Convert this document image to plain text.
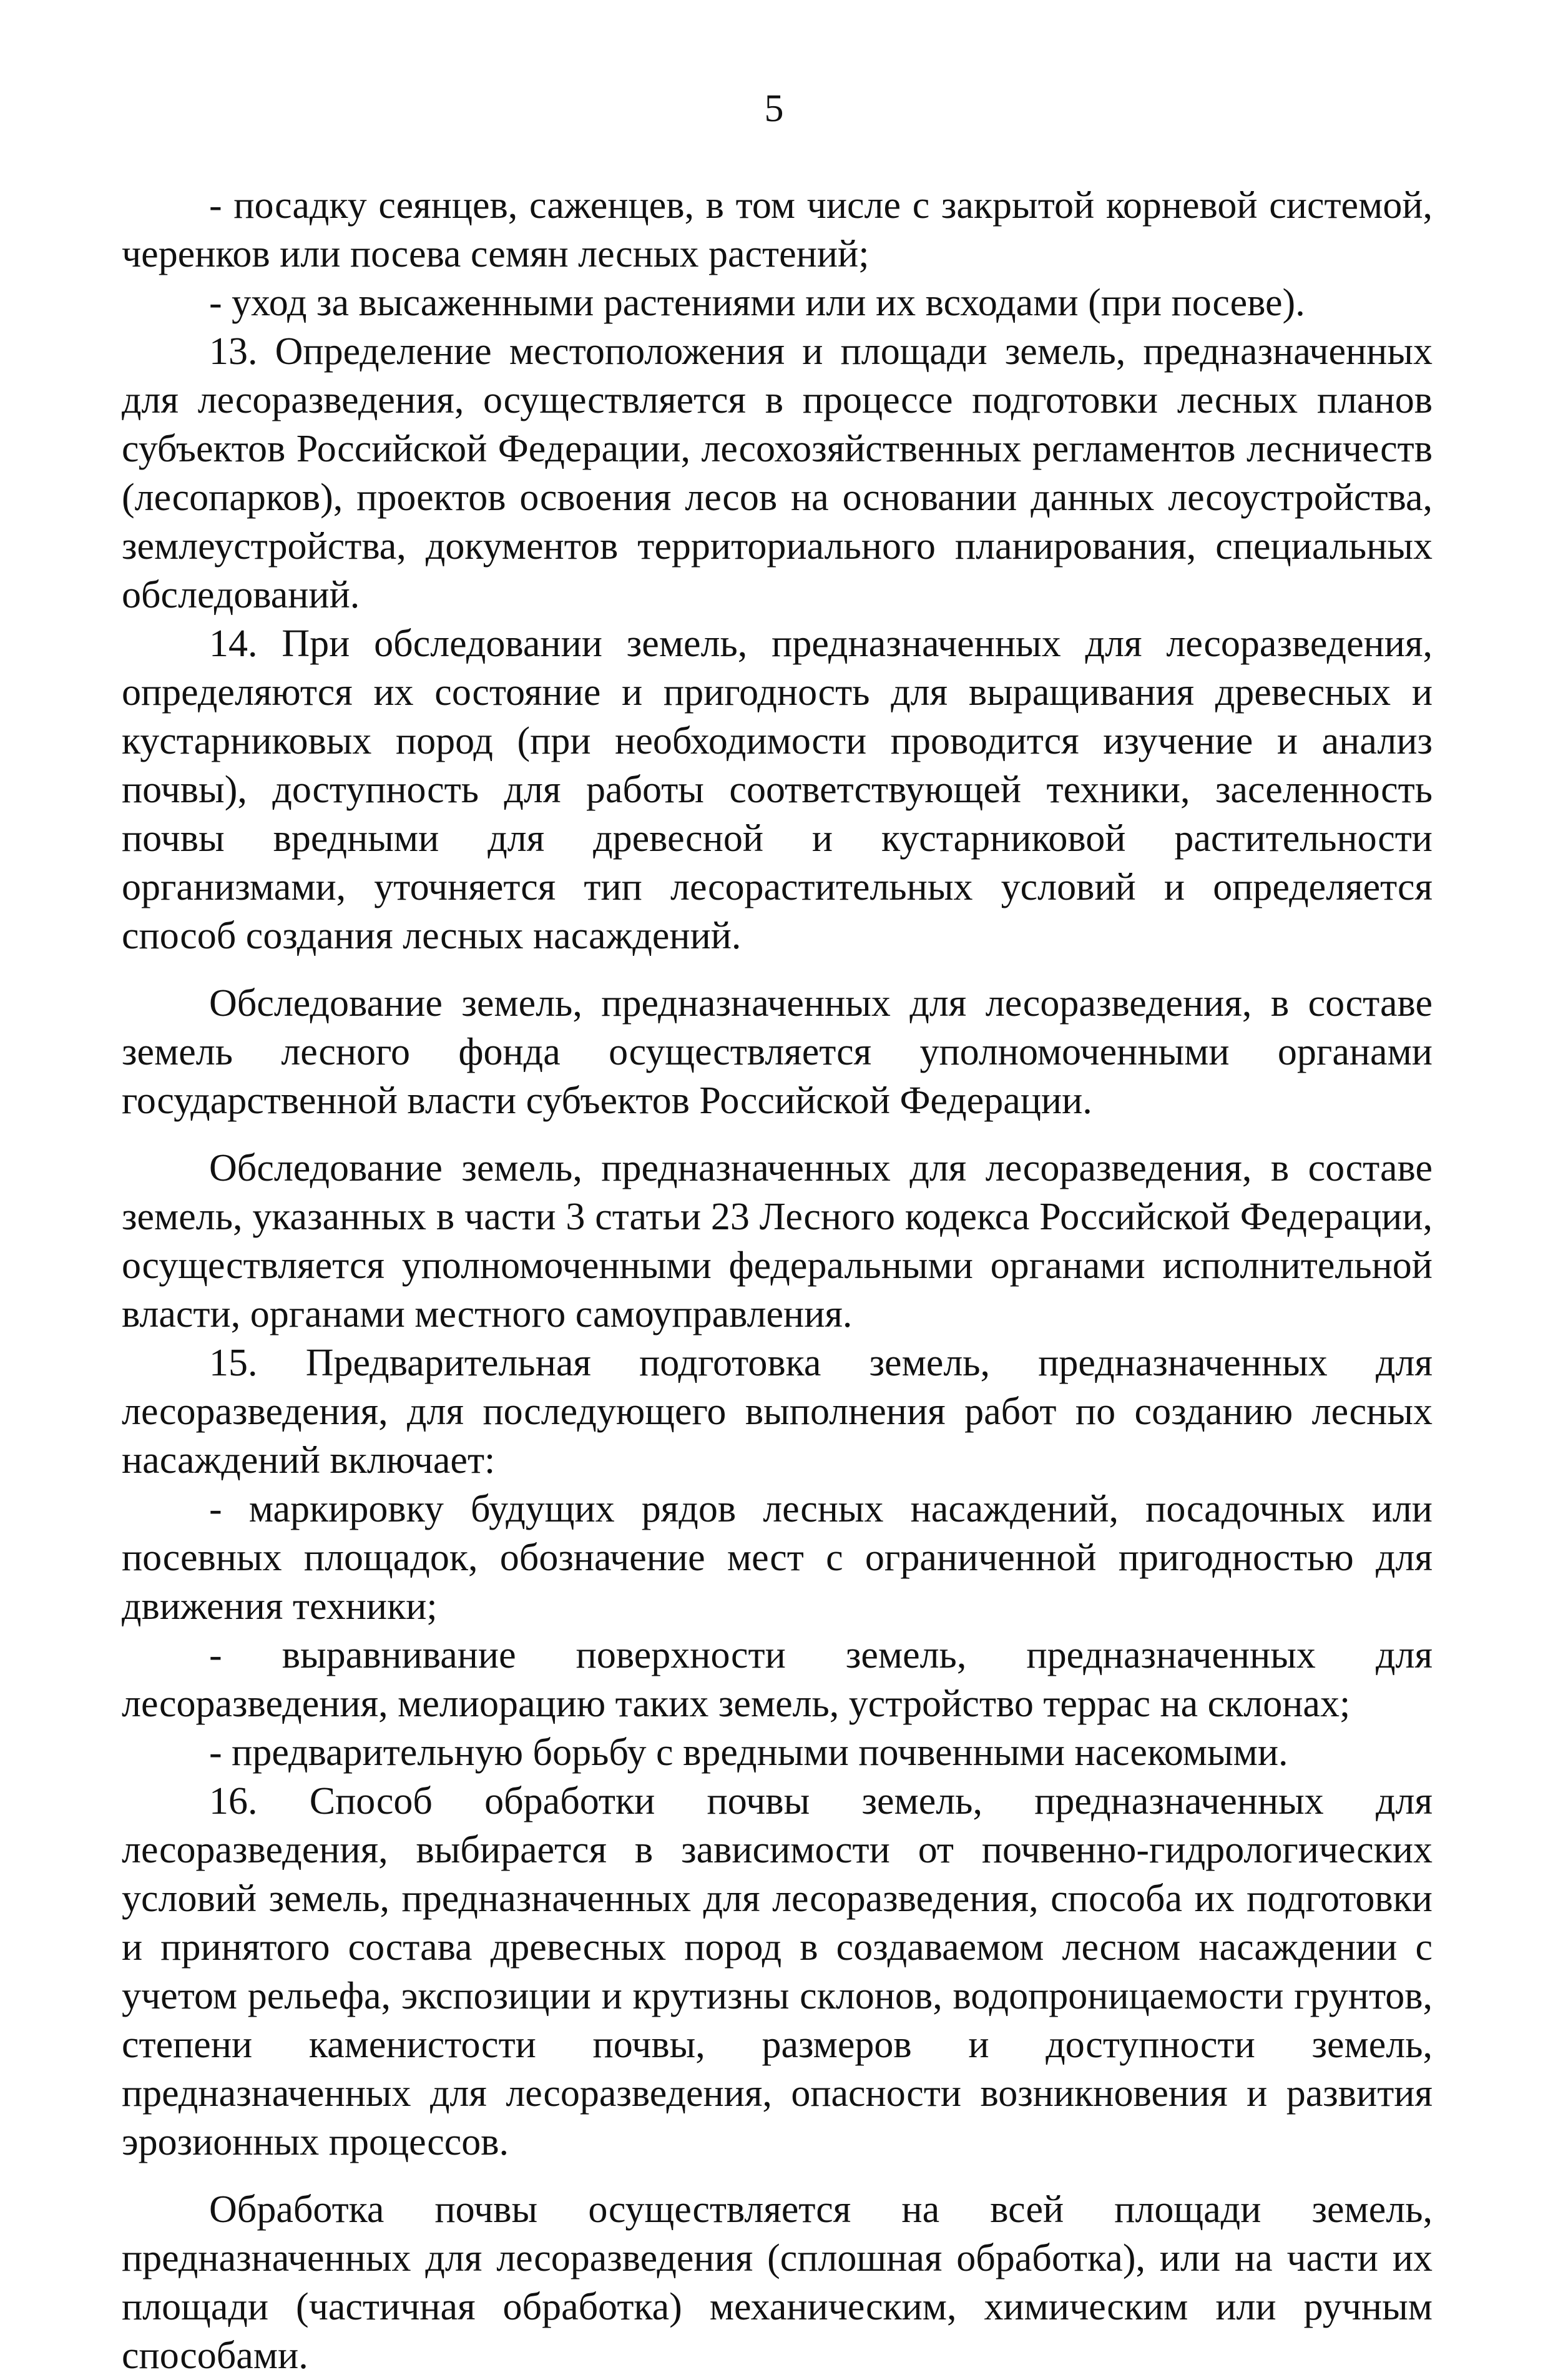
5

- посадку сеянцев, саженцев, в том числе с закрытой корневой системой, черенков или посева семян лесных растений;

- уход за высаженными растениями или их всходами (при посеве).

13. Определение местоположения и площади земель, предназначенных для лесоразведения, осуществляется в процессе подготовки лесных планов субъектов Российской Федерации, лесохозяйственных регламентов лесничеств (лесопарков), проектов освоения лесов на основании данных лесоустройства, землеустройства, документов территориального планирования, специальных обследований.

14. При обследовании земель, предназначенных для лесоразведения, определяются их состояние и пригодность для выращивания древесных и кустарниковых пород (при необходимости проводится изучение и анализ почвы), доступность для работы соответствующей техники, заселенность почвы вредными для древесной и кустарниковой растительности организмами, уточняется тип лесорастительных условий и определяется способ создания лесных насаждений.

Обследование земель, предназначенных для лесоразведения, в составе земель лесного фонда осуществляется уполномоченными органами государственной власти субъектов Российской Федерации.

Обследование земель, предназначенных для лесоразведения, в составе земель, указанных в части 3 статьи 23 Лесного кодекса Российской Федерации, осуществляется уполномоченными федеральными органами исполнительной власти, органами местного самоуправления.

15. Предварительная подготовка земель, предназначенных для лесоразведения, для последующего выполнения работ по созданию лесных насаждений включает:

- маркировку будущих рядов лесных насаждений, посадочных или посевных площадок, обозначение мест с ограниченной пригодностью для движения техники;

- выравнивание поверхности земель, предназначенных для лесоразведения, мелиорацию таких земель, устройство террас на склонах;

- предварительную борьбу с вредными почвенными насекомыми.

16. Способ обработки почвы земель, предназначенных для лесоразведения, выбирается в зависимости от почвенно-гидрологических условий земель, предназначенных для лесоразведения, способа их подготовки и принятого состава древесных пород в создаваемом лесном насаждении с учетом рельефа, экспозиции и крутизны склонов, водопроницаемости грунтов, степени каменистости почвы, размеров и доступности земель, предназначенных для лесоразведения, опасности возникновения и развития эрозионных процессов.

Обработка почвы осуществляется на всей площади земель, предназначенных для лесоразведения (сплошная обработка), или на части их площади (частичная обработка) механическим, химическим или ручным способами.
